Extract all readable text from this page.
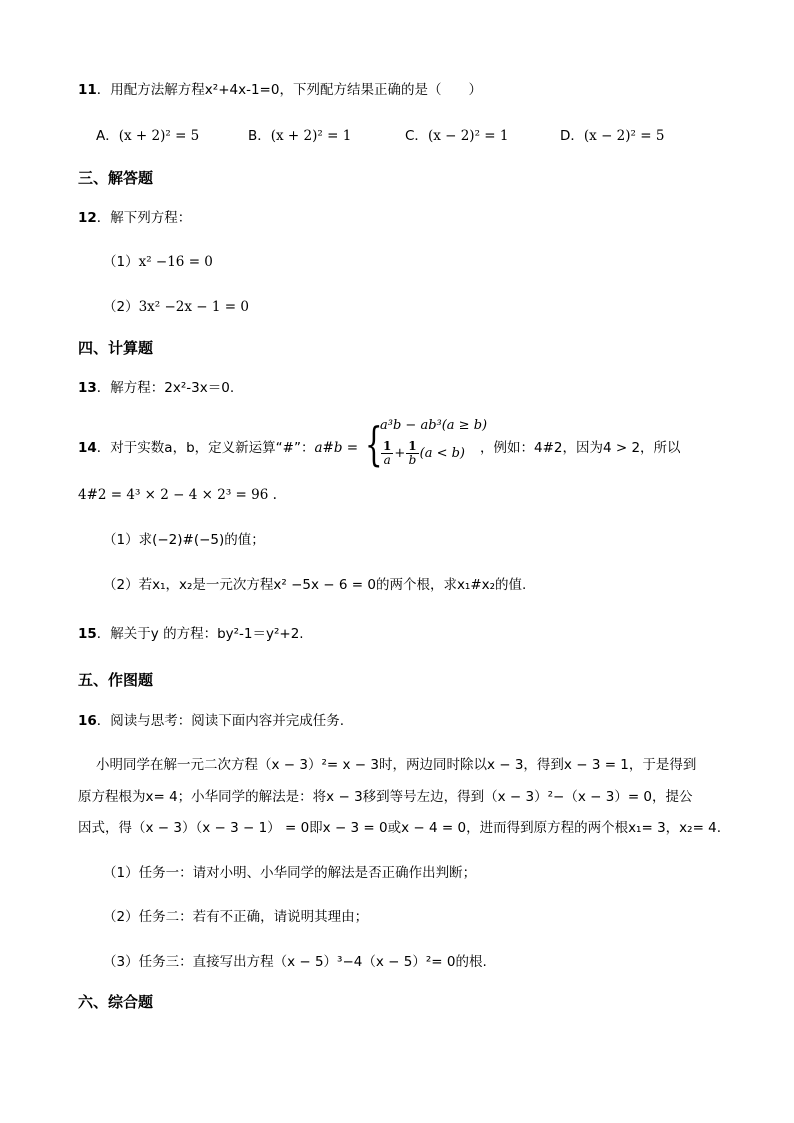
11．用配方法解方程x²+4x-1=0，下列配方结果正确的是（　　）
A．(x + 2)² = 5	B．(x + 2)² = 1	C．(x − 2)² = 1	D．(x − 2)² = 5
三、解答题
12．解下列方程：
（1）x² −16 = 0
（2）3x² −2x − 1 = 0
四、计算题
13．解方程：2x²-3x＝0.
14．对于实数a，b，定义新运算“#”：a#b = {
a³b − ab³(a ≥ b)
$\frac{1}{a} + \frac{1}{b} (a < b)$ ，例如：4#2，因为4 > 2，所以
4#2 = 4³ × 2 − 4 × 2³ = 96 .
（1）求(−2)#(−5)的值；
（2）若x₁，x₂是一元次方程x² −5x − 6 = 0的两个根，求x₁#x₂的值.
15．解关于y 的方程：by²-1＝y²+2.
五、作图题
16．阅读与思考：阅读下面内容并完成任务.
小明同学在解一元二次方程（x − 3）²= x − 3时，两边同时除以x − 3，得到x − 3 = 1，于是得到
原方程根为x= 4；小华同学的解法是：将x − 3移到等号左边，得到（x − 3）²−（x − 3）= 0，提公
因式，得（x − 3）（x − 3 − 1） = 0即x − 3 = 0或x − 4 = 0，进而得到原方程的两个根x₁= 3，x₂= 4.
（1）任务一：请对小明、小华同学的解法是否正确作出判断；
（2）任务二：若有不正确，请说明其理由；
（3）任务三：直接写出方程（x − 5）³−4（x − 5）²= 0的根.
六、综合题
